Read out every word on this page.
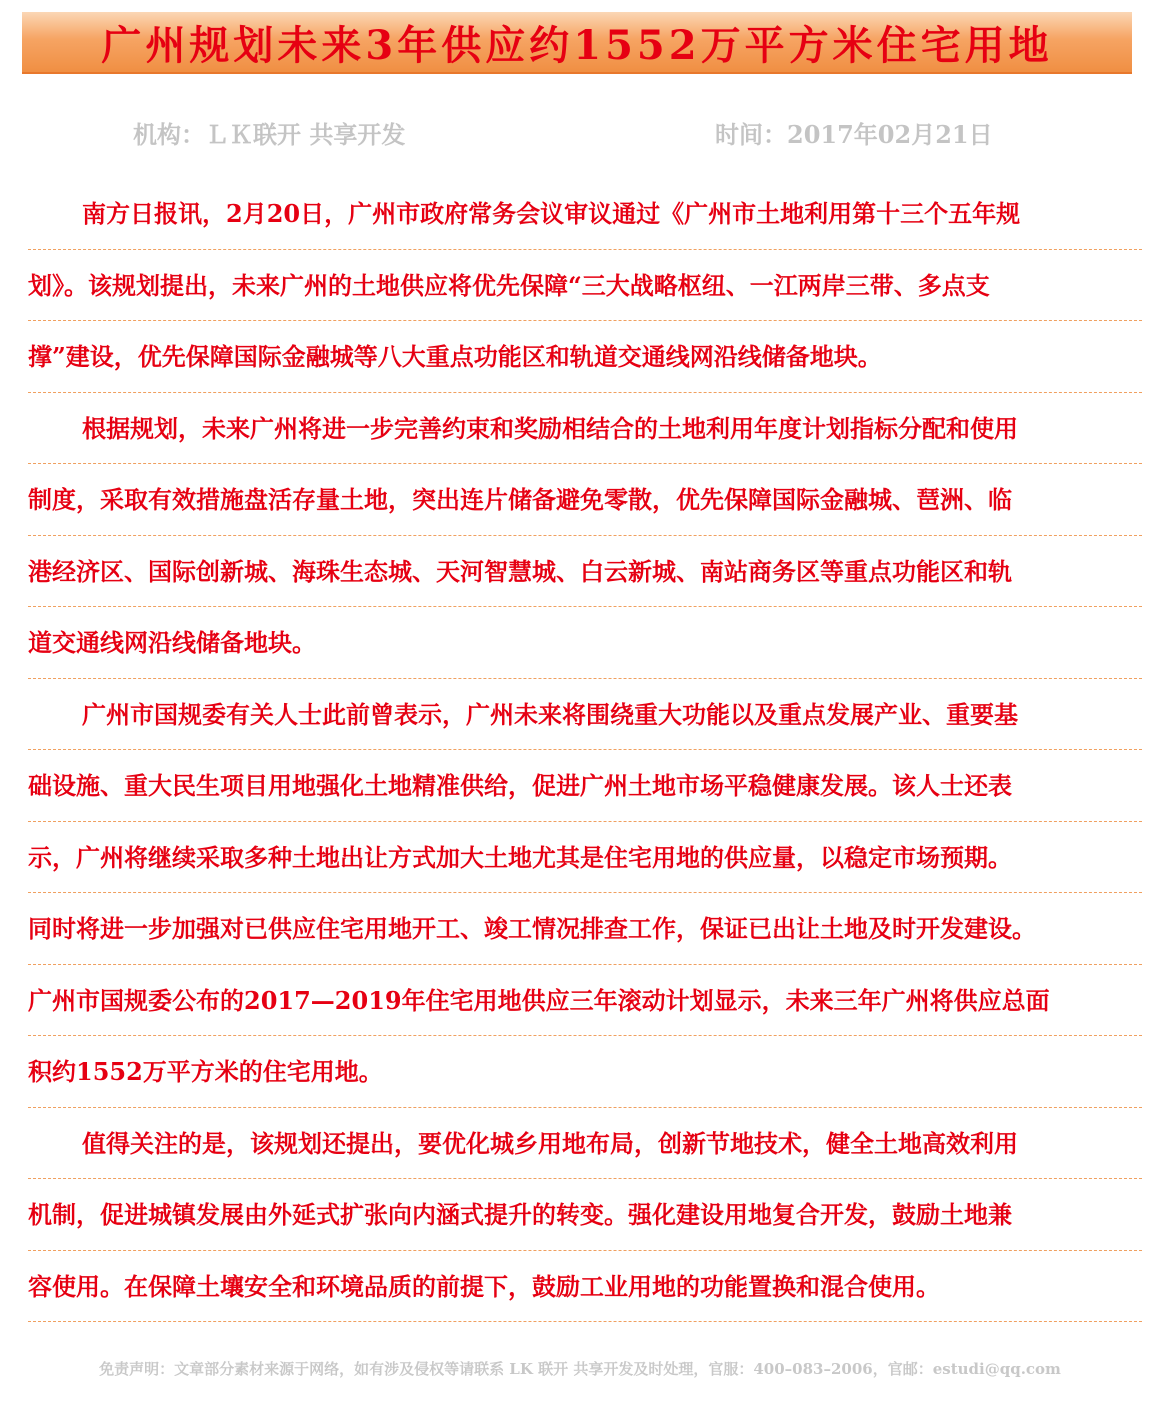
广州规划未来3年供应约1552万平方米住宅用地
机构：ＬＫ联开 共享开发	时间：2017年02月21日
南方日报讯，2月20日，广州市政府常务会议审议通过《广州市土地利用第十三个五年规
划》。该规划提出，未来广州的土地供应将优先保障“三大战略枢纽、一江两岸三带、多点支
撑”建设，优先保障国际金融城等八大重点功能区和轨道交通线网沿线储备地块。
根据规划，未来广州将进一步完善约束和奖励相结合的土地利用年度计划指标分配和使用
制度，采取有效措施盘活存量土地，突出连片储备避免零散，优先保障国际金融城、琶洲、临
港经济区、国际创新城、海珠生态城、天河智慧城、白云新城、南站商务区等重点功能区和轨
道交通线网沿线储备地块。
广州市国规委有关人士此前曾表示，广州未来将围绕重大功能以及重点发展产业、重要基
础设施、重大民生项目用地强化土地精准供给，促进广州土地市场平稳健康发展。该人士还表
示，广州将继续采取多种土地出让方式加大土地尤其是住宅用地的供应量，以稳定市场预期。
同时将进一步加强对已供应住宅用地开工、竣工情况排查工作，保证已出让土地及时开发建设。
广州市国规委公布的2017—2019年住宅用地供应三年滚动计划显示，未来三年广州将供应总面
积约1552万平方米的住宅用地。
值得关注的是，该规划还提出，要优化城乡用地布局，创新节地技术，健全土地高效利用
机制，促进城镇发展由外延式扩张向内涵式提升的转变。强化建设用地复合开发，鼓励土地兼
容使用。在保障土壤安全和环境品质的前提下，鼓励工业用地的功能置换和混合使用。
免责声明：文章部分素材来源于网络，如有涉及侵权等请联系 LK 联开 共享开发及时处理，官服：400–083–2006，官邮：estudi@qq.com
